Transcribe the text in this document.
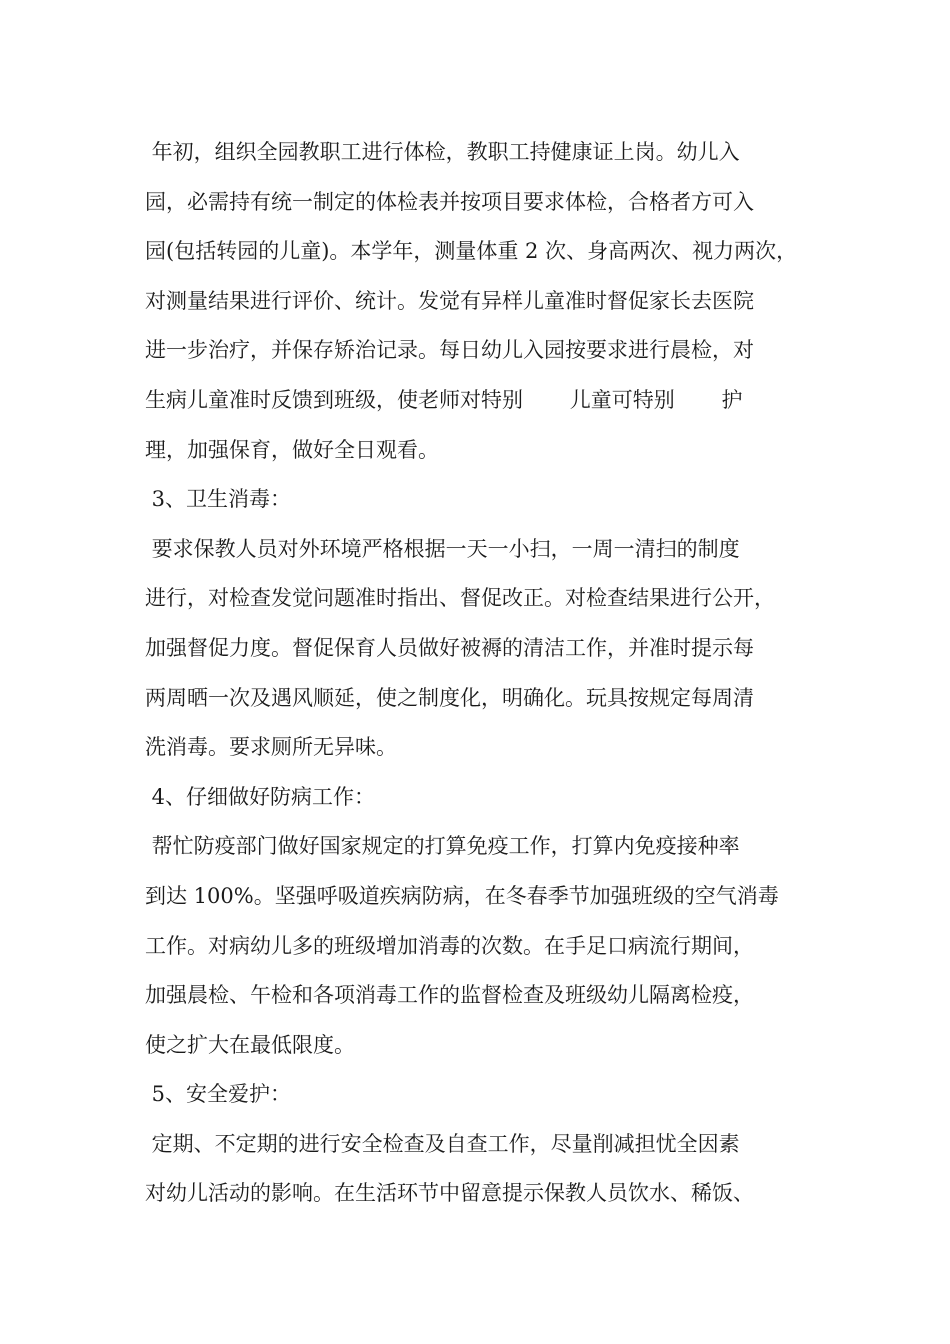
年初，组织全园教职工进行体检，教职工持健康证上岗。幼儿入
园，必需持有统一制定的体检表并按项目要求体检，合格者方可入
园(包括转园的儿童)。本学年，测量体重 2 次、身高两次、视力两次，
对测量结果进行评价、统计。发觉有异样儿童准时督促家长去医院
进一步治疗，并保存矫治记录。每日幼儿入园按要求进行晨检，对
生病儿童准时反馈到班级，使老师对特别       儿童可特别       护
理，加强保育，做好全日观看。
3、卫生消毒：
要求保教人员对外环境严格根据一天一小扫，一周一清扫的制度
进行，对检查发觉问题准时指出、督促改正。对检查结果进行公开，
加强督促力度。督促保育人员做好被褥的清洁工作，并准时提示每
两周晒一次及遇风顺延，使之制度化，明确化。玩具按规定每周清
洗消毒。要求厕所无异味。
4、仔细做好防病工作：
帮忙防疫部门做好国家规定的打算免疫工作，打算内免疫接种率
到达 100%。坚强呼吸道疾病防病，在冬春季节加强班级的空气消毒
工作。对病幼儿多的班级增加消毒的次数。在手足口病流行期间，
加强晨检、午检和各项消毒工作的监督检查及班级幼儿隔离检疫，
使之扩大在最低限度。
5、安全爱护：
定期、不定期的进行安全检查及自查工作，尽量削减担忧全因素
对幼儿活动的影响。在生活环节中留意提示保教人员饮水、稀饭、
